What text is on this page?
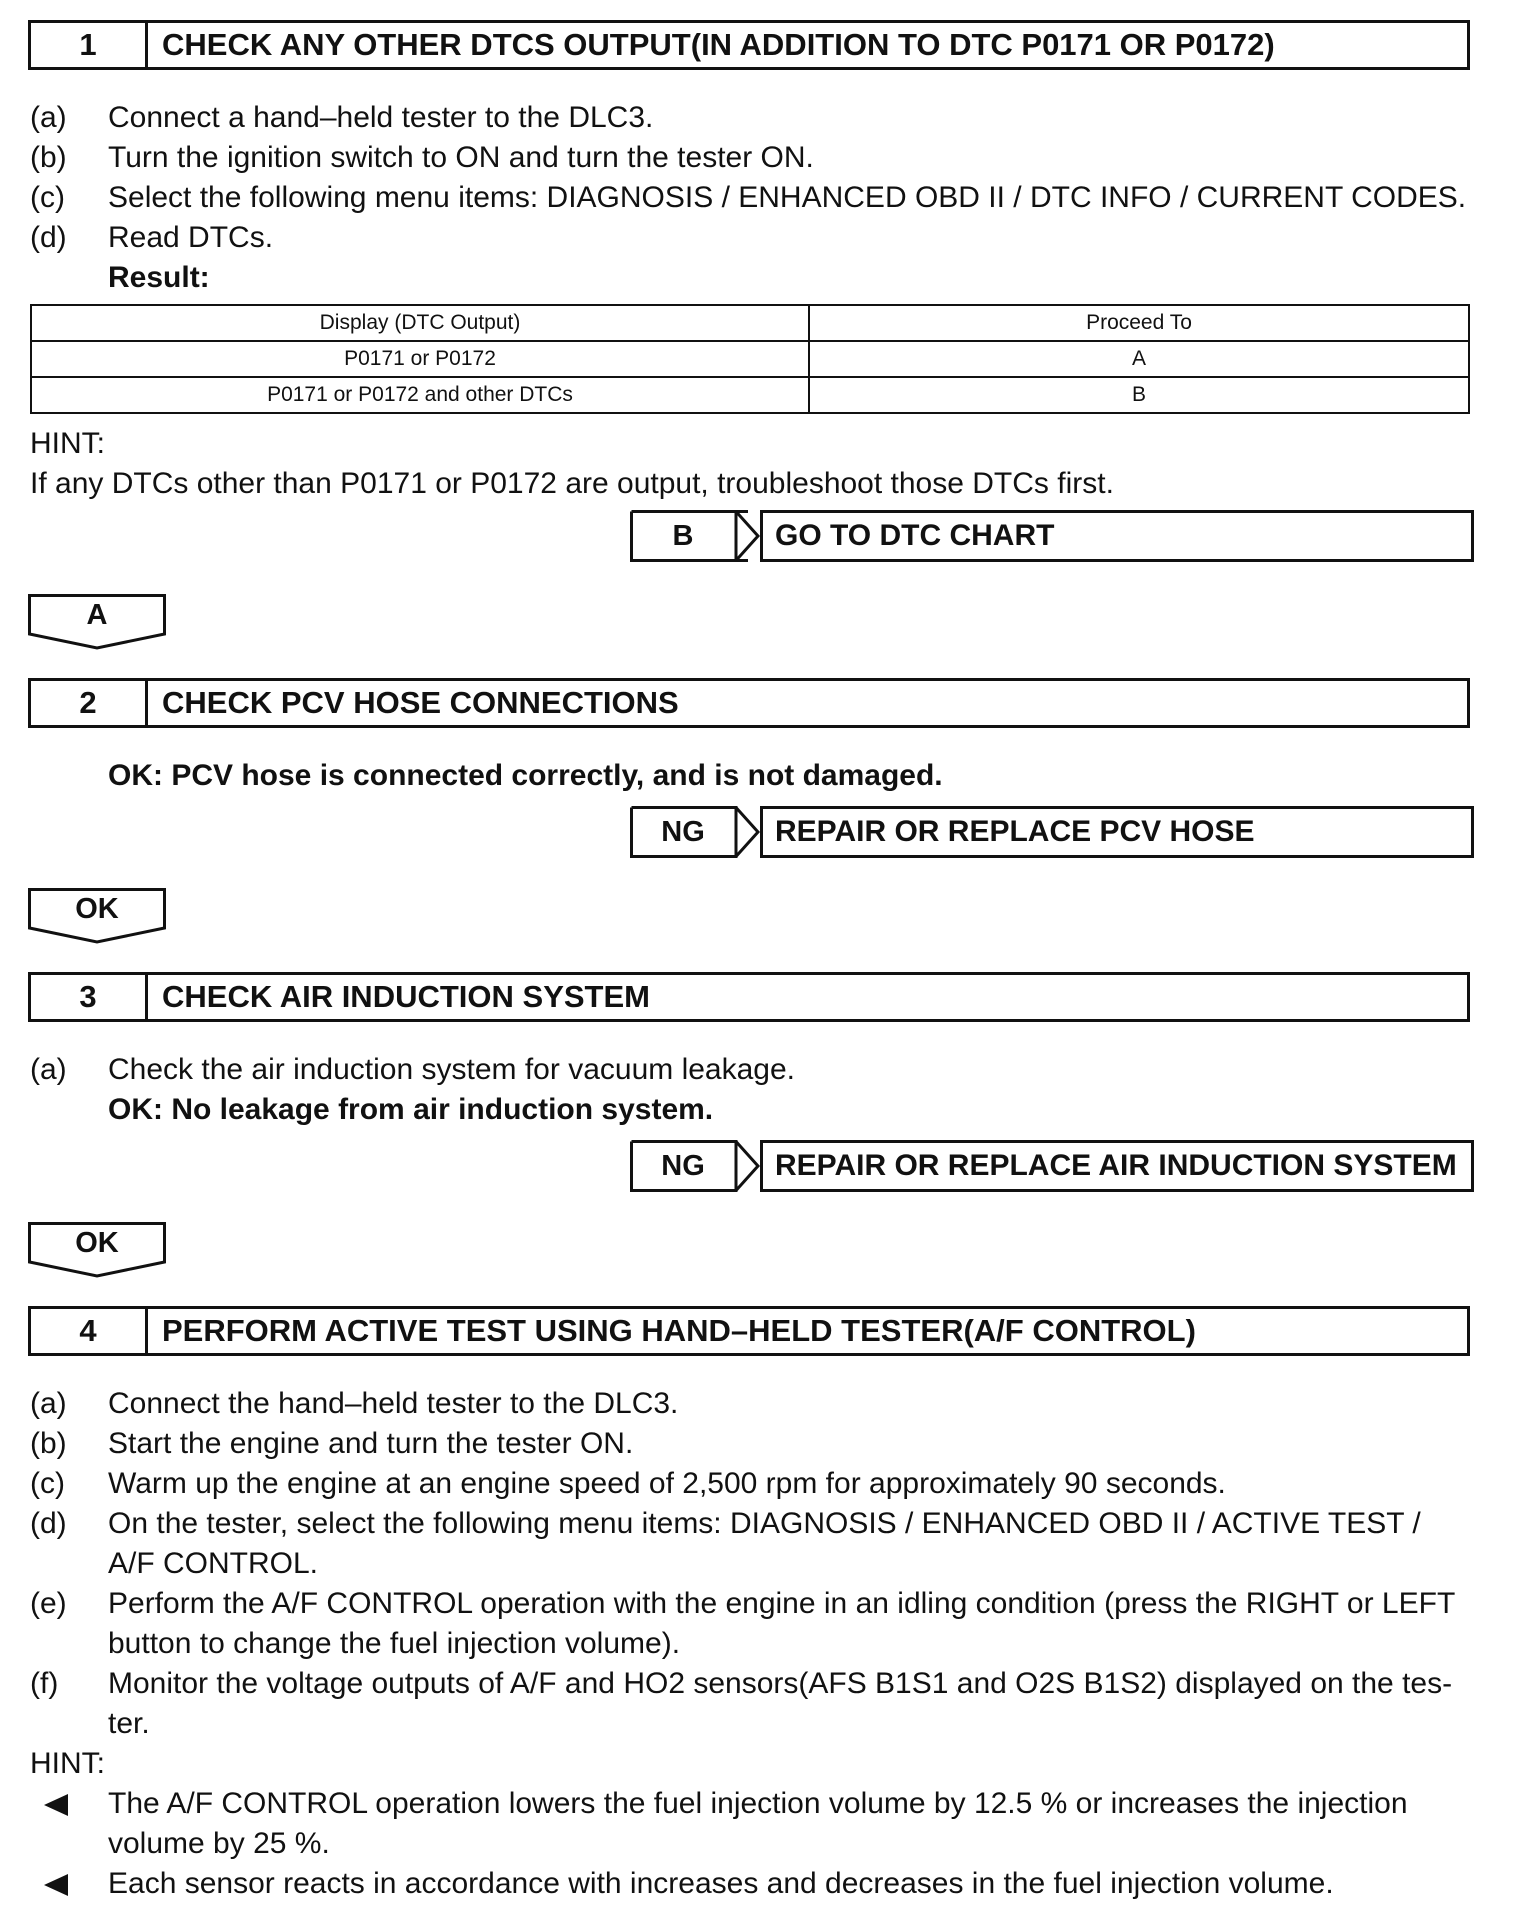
1	CHECK ANY OTHER DTCS OUTPUT(IN ADDITION TO DTC P0171 OR P0172)
(a) Connect a hand–held tester to the DLC3.
(b) Turn the ignition switch to ON and turn the tester ON.
(c) Select the following menu items: DIAGNOSIS / ENHANCED OBD II / DTC INFO / CURRENT CODES.
(d) Read DTCs.
Result:
Display (DTC Output)	Proceed To
P0171 or P0172	A
P0171 or P0172 and other DTCs	B
HINT:
If any DTCs other than P0171 or P0172 are output, troubleshoot those DTCs first.
B	GO TO DTC CHART
A
2	CHECK PCV HOSE CONNECTIONS
OK: PCV hose is connected correctly, and is not damaged.
NG	REPAIR OR REPLACE PCV HOSE
OK
3	CHECK AIR INDUCTION SYSTEM
(a) Check the air induction system for vacuum leakage.
OK: No leakage from air induction system.
NG	REPAIR OR REPLACE AIR INDUCTION SYSTEM
OK
4	PERFORM ACTIVE TEST USING HAND–HELD TESTER(A/F CONTROL)
(a) Connect the hand–held tester to the DLC3.
(b) Start the engine and turn the tester ON.
(c) Warm up the engine at an engine speed of 2,500 rpm for approximately 90 seconds.
(d) On the tester, select the following menu items: DIAGNOSIS / ENHANCED OBD II / ACTIVE TEST /
A/F CONTROL.
(e) Perform the A/F CONTROL operation with the engine in an idling condition (press the RIGHT or LEFT
button to change the fuel injection volume).
(f) Monitor the voltage outputs of A/F and HO2 sensors(AFS B1S1 and O2S B1S2) displayed on the tes-
ter.
HINT:
The A/F CONTROL operation lowers the fuel injection volume by 12.5 % or increases the injection
volume by 25 %.
Each sensor reacts in accordance with increases and decreases in the fuel injection volume.
